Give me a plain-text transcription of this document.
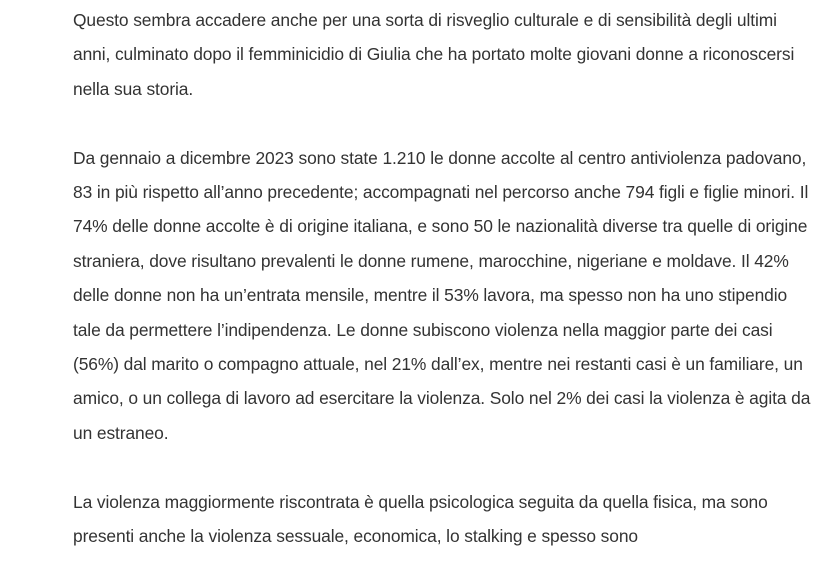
Questo sembra accadere anche per una sorta di risveglio culturale e di sensibilità degli ultimi anni, culminato dopo il femminicidio di Giulia che ha portato molte giovani donne a riconoscersi nella sua storia.

Da gennaio a dicembre 2023 sono state 1.210 le donne accolte al centro antiviolenza padovano, 83 in più rispetto all’anno precedente; accompagnati nel percorso anche 794 figli e figlie minori. Il 74% delle donne accolte è di origine italiana, e sono 50 le nazionalità diverse tra quelle di origine straniera, dove risultano prevalenti le donne rumene, marocchine, nigeriane e moldave. Il 42% delle donne non ha un’entrata mensile, mentre il 53% lavora, ma spesso non ha uno stipendio tale da permettere l’indipendenza. Le donne subiscono violenza nella maggior parte dei casi (56%) dal marito o compagno attuale, nel 21% dall’ex, mentre nei restanti casi è un familiare, un amico, o un collega di lavoro ad esercitare la violenza. Solo nel 2% dei casi la violenza è agita da un estraneo.

La violenza maggiormente riscontrata è quella psicologica seguita da quella fisica, ma sono presenti anche la violenza sessuale, economica, lo stalking e spesso sono
